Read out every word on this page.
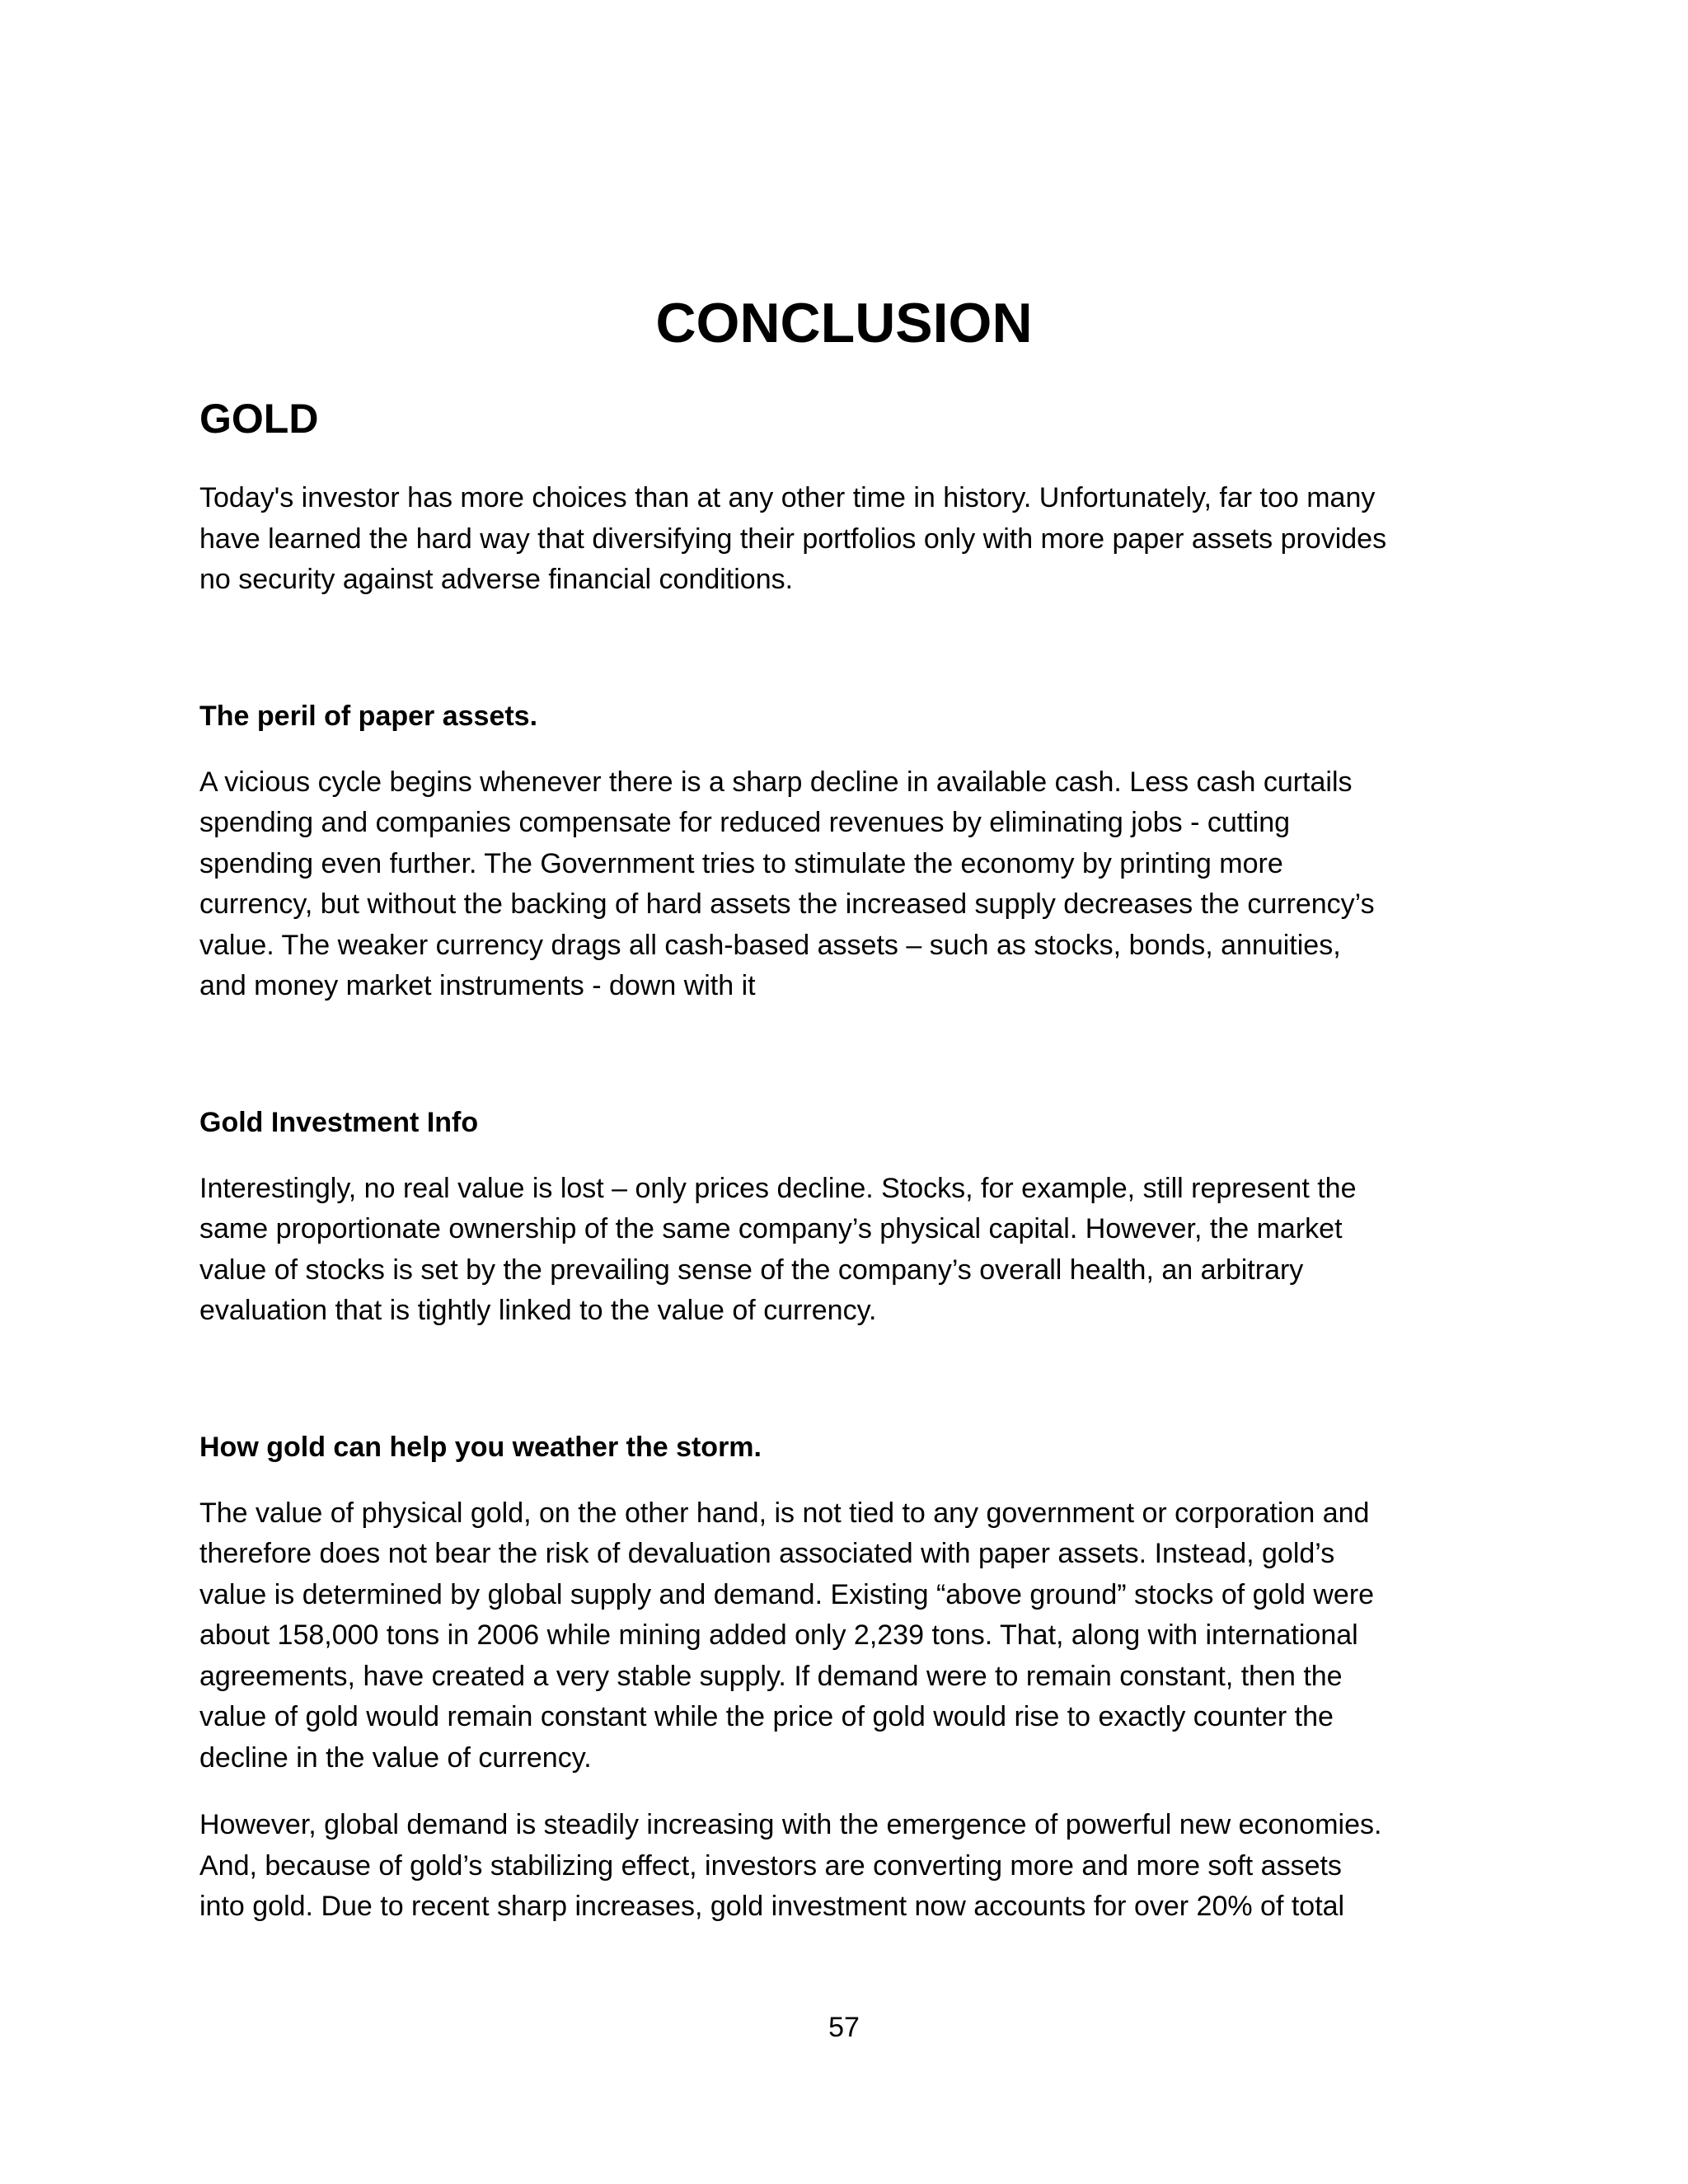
CONCLUSION
GOLD

Today's investor has more choices than at any other time in history. Unfortunately, far too many
have learned the hard way that diversifying their portfolios only with more paper assets provides
no security against adverse financial conditions.

The peril of paper assets.

A vicious cycle begins whenever there is a sharp decline in available cash. Less cash curtails
spending and companies compensate for reduced revenues by eliminating jobs - cutting
spending even further. The Government tries to stimulate the economy by printing more
currency, but without the backing of hard assets the increased supply decreases the currency’s
value. The weaker currency drags all cash-based assets – such as stocks, bonds, annuities,
and money market instruments - down with it

Gold Investment Info

Interestingly, no real value is lost – only prices decline. Stocks, for example, still represent the
same proportionate ownership of the same company’s physical capital. However, the market
value of stocks is set by the prevailing sense of the company’s overall health, an arbitrary
evaluation that is tightly linked to the value of currency.

How gold can help you weather the storm.

The value of physical gold, on the other hand, is not tied to any government or corporation and
therefore does not bear the risk of devaluation associated with paper assets. Instead, gold’s
value is determined by global supply and demand. Existing “above ground” stocks of gold were
about 158,000 tons in 2006 while mining added only 2,239 tons. That, along with international
agreements, have created a very stable supply. If demand were to remain constant, then the
value of gold would remain constant while the price of gold would rise to exactly counter the
decline in the value of currency.

However, global demand is steadily increasing with the emergence of powerful new economies.
And, because of gold’s stabilizing effect, investors are converting more and more soft assets
into gold. Due to recent sharp increases, gold investment now accounts for over 20% of total

57
